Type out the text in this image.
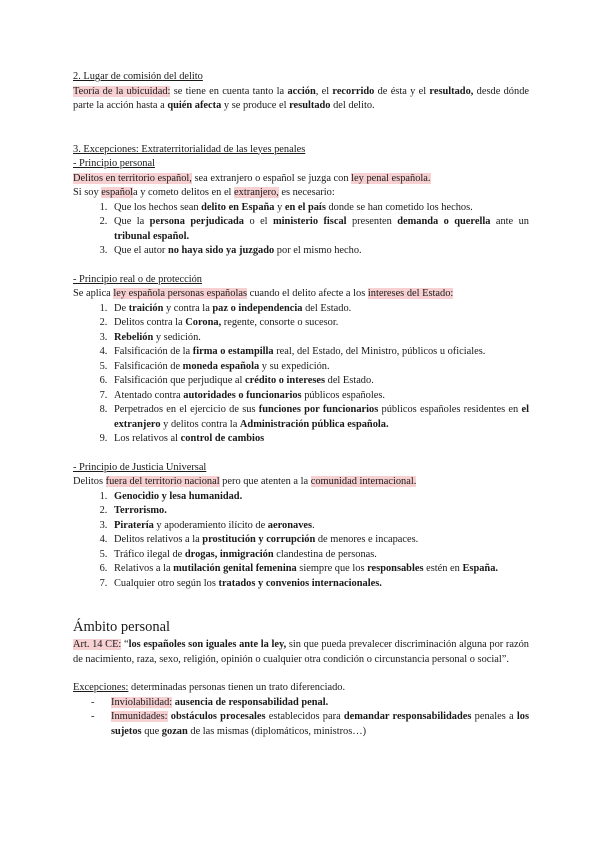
2. Lugar de comisión del delito

Teoría de la ubicuidad: se tiene en cuenta tanto la acción, el recorrido de ésta y el resultado, desde dónde parte la acción hasta a quién afecta y se produce el resultado del delito.

3. Excepciones: Extraterritorialidad de las leyes penales

- Principio personal

Delitos en territorio español, sea extranjero o español se juzga con ley penal española.

Si soy española y cometo delitos en el extranjero, es necesario:

1. Que los hechos sean delito en España y en el país donde se han cometido los hechos.
2. Que la persona perjudicada o el ministerio fiscal presenten demanda o querella ante un tribunal español.
3. Que el autor no haya sido ya juzgado por el mismo hecho.

- Principio real o de protección

Se aplica ley española personas españolas cuando el delito afecte a los intereses del Estado:

1. De traición y contra la paz o independencia del Estado.
2. Delitos contra la Corona, regente, consorte o sucesor.
3. Rebelión y sedición.
4. Falsificación de la firma o estampilla real, del Estado, del Ministro, públicos u oficiales.
5. Falsificación de moneda española y su expedición.
6. Falsificación que perjudique al crédito o intereses del Estado.
7. Atentado contra autoridades o funcionarios públicos españoles.
8. Perpetrados en el ejercicio de sus funciones por funcionarios públicos españoles residentes en el extranjero y delitos contra la Administración pública española.
9. Los relativos al control de cambios

- Principio de Justicia Universal

Delitos fuera del territorio nacional pero que atenten a la comunidad internacional.

1. Genocidio y lesa humanidad.
2. Terrorismo.
3. Piratería y apoderamiento ilícito de aeronaves.
4. Delitos relativos a la prostitución y corrupción de menores e incapaces.
5. Tráfico ilegal de drogas, inmigración clandestina de personas.
6. Relativos a la mutilación genital femenina siempre que los responsables estén en España.
7. Cualquier otro según los tratados y convenios internacionales.
Ámbito personal

Art. 14 CE: “los españoles son iguales ante la ley, sin que pueda prevalecer discriminación alguna por razón de nacimiento, raza, sexo, religión, opinión o cualquier otra condición o circunstancia personal o social”.

Excepciones: determinadas personas tienen un trato diferenciado.

- Inviolabilidad: ausencia de responsabilidad penal.
- Inmunidades: obstáculos procesales establecidos para demandar responsabilidades penales a los sujetos que gozan de las mismas (diplomáticos, ministros…)
